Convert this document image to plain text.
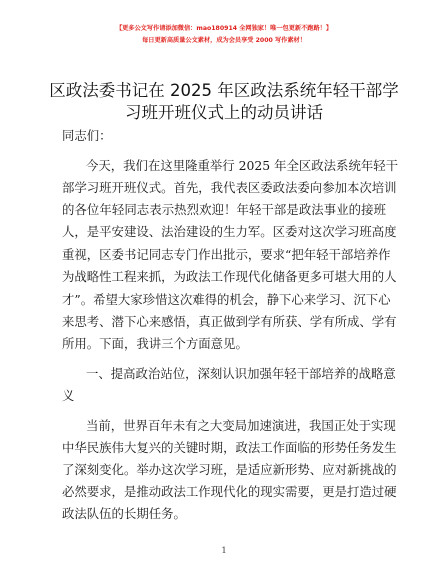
【更多公文写作请添加微信：mao180914 全网独家！唯一包更新不跑路！】
每日更新高质量公文素材，成为会员享受 2000 写作素材！
区政法委书记在 2025 年区政法系统年轻干部学
习班开班仪式上的动员讲话
同志们：
今天，我们在这里隆重举行 2025 年全区政法系统年轻干
部学习班开班仪式。首先，我代表区委政法委向参加本次培训
的各位年轻同志表示热烈欢迎！年轻干部是政法事业的接班
人，是平安建设、法治建设的生力军。区委对这次学习班高度
重视，区委书记同志专门作出批示，要求“把年轻干部培养作
为战略性工程来抓，为政法工作现代化储备更多可堪大用的人
才”。希望大家珍惜这次难得的机会，静下心来学习、沉下心
来思考、潜下心来感悟，真正做到学有所获、学有所成、学有
所用。下面，我讲三个方面意见。
一、提高政治站位，深刻认识加强年轻干部培养的战略意
义
当前，世界百年未有之大变局加速演进，我国正处于实现
中华民族伟大复兴的关键时期，政法工作面临的形势任务发生
了深刻变化。举办这次学习班，是适应新形势、应对新挑战的
必然要求，是推动政法工作现代化的现实需要，更是打造过硬
政法队伍的长期任务。
1
